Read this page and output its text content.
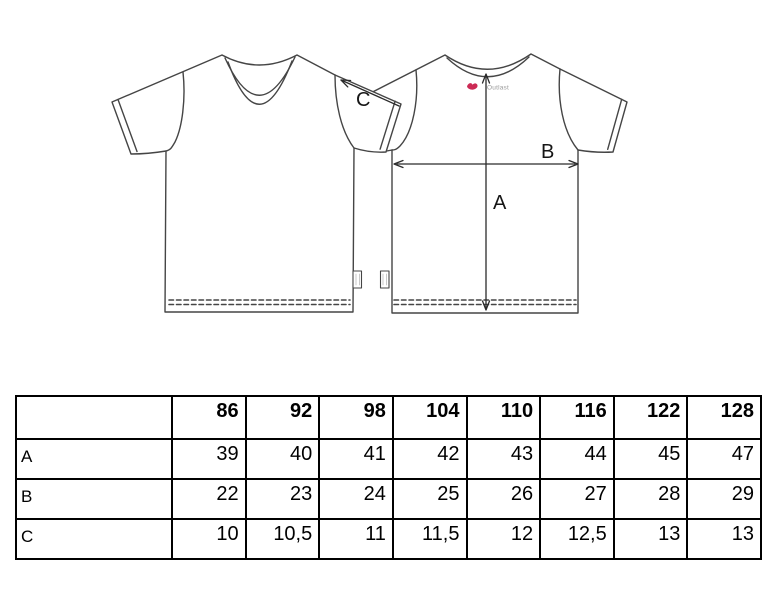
Outlast
C
A
B
	86	92	98	104	110	116	122	128
A	39	40	41	42	43	44	45	47
B	22	23	24	25	26	27	28	29
C	10	10,5	11	11,5	12	12,5	13	13
